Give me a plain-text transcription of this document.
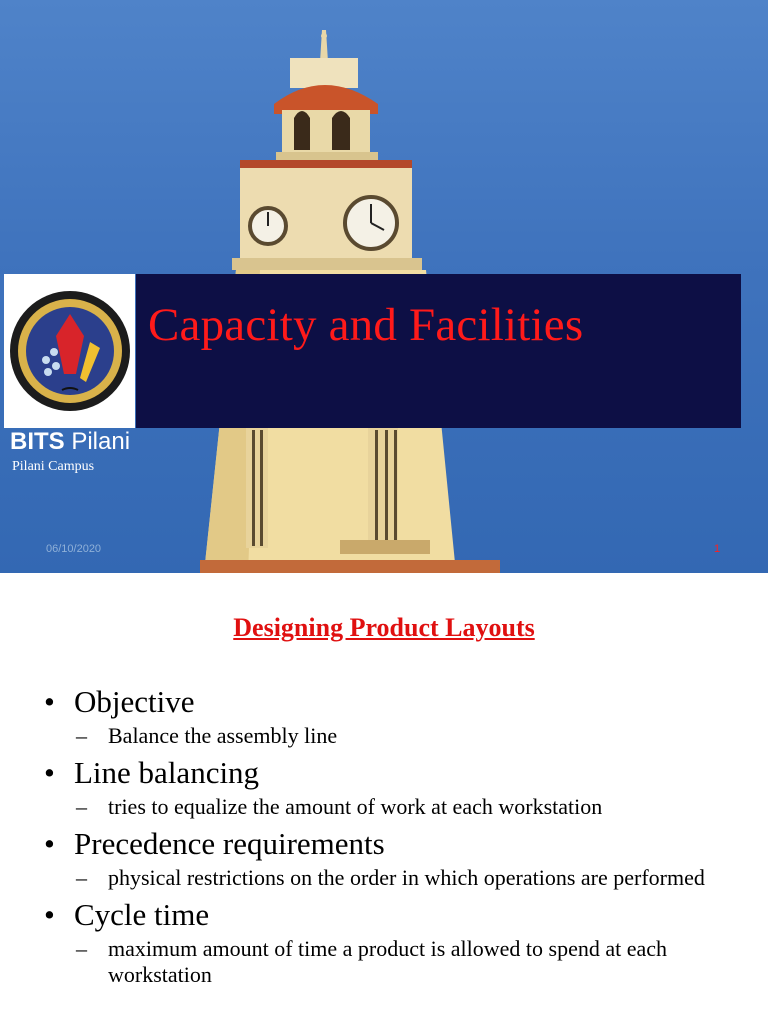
Capacity and Facilities
BITS Pilani
Pilani Campus
06/10/2020	1
Designing Product Layouts
• Objective
– Balance the assembly line
• Line balancing
– tries to equalize the amount of work at each workstation
• Precedence requirements
– physical restrictions on the order in which operations are performed
• Cycle time
– maximum amount of time a product is allowed to spend at each workstation
